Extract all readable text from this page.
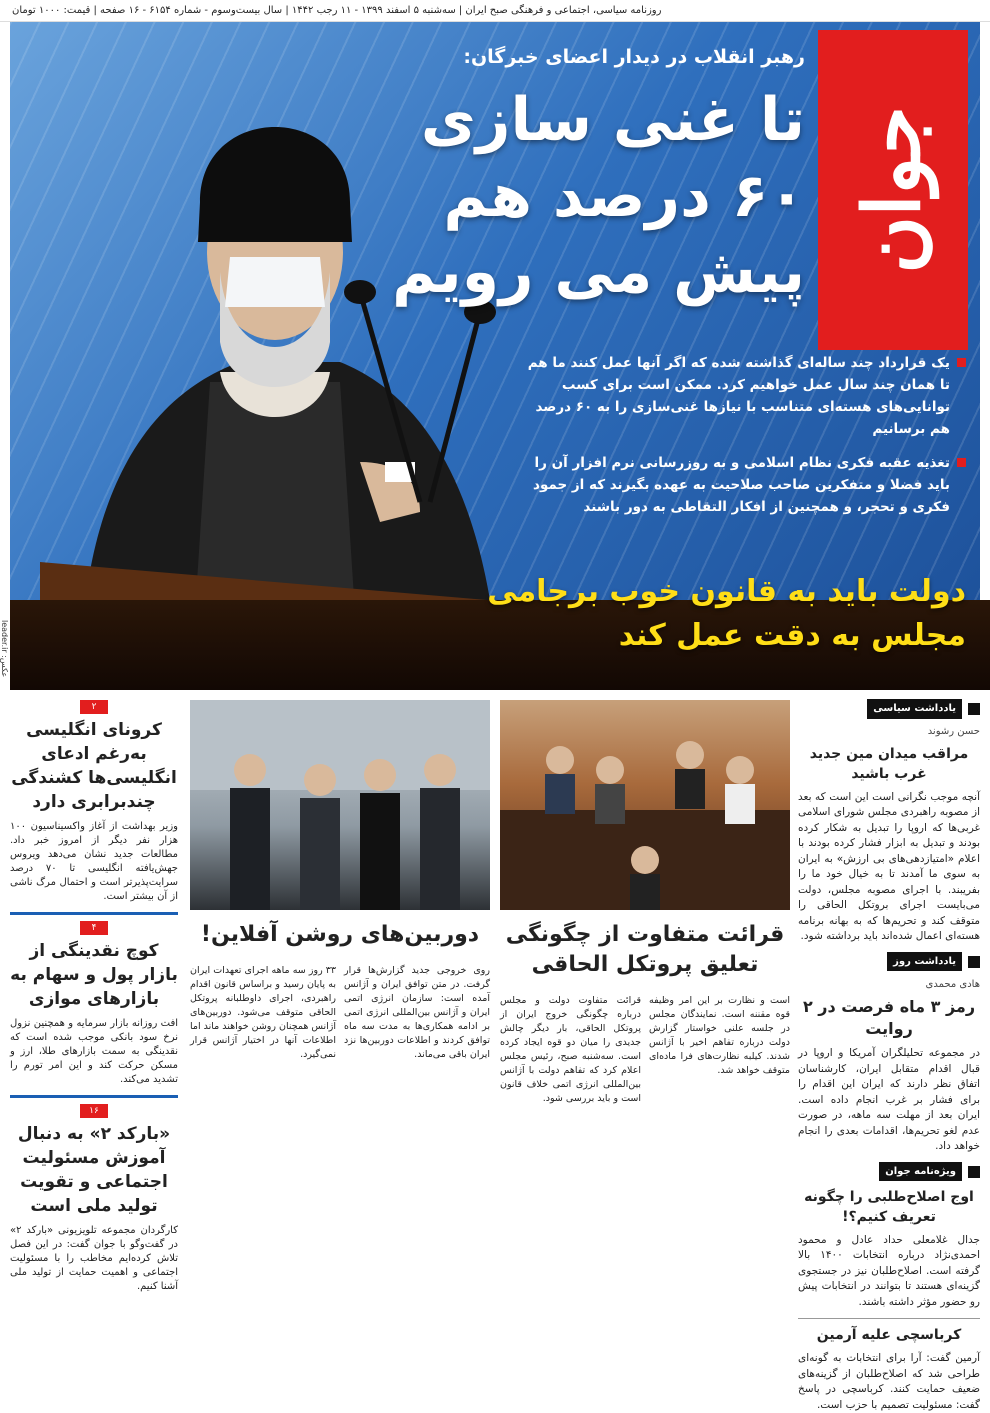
روزنامه سیاسی، اجتماعی و فرهنگی صبح ایران | سه‌شنبه ۵ اسفند ۱۳۹۹ - ۱۱ رجب ۱۴۴۲ | سال بیست‌وسوم - شماره ۶۱۵۴ - ۱۶ صفحه | قیمت: ۱۰۰۰ تومان
جوان
رهبر انقلاب در دیدار اعضای خبرگان:
تا غنی سازی ۶۰ درصد هم پیش می رویم
یک قرارداد چند ساله‌ای گذاشته شده که اگر آنها عمل کنند ما هم تا همان چند سال عمل خواهیم کرد. ممکن است برای کسب توانایی‌های هسته‌ای متناسب با نیازها غنی‌سازی را به ۶۰ درصد هم برسانیم
تغذیه عقبه فکری نظام اسلامی و به روزرسانی نرم افزار آن را باید فضلا و متفکرین صاحب صلاحیت به عهده بگیرند که از جمود فکری و تحجر، و همچنین از افکار التقاطی به دور باشند
دولت باید به قانون خوب برجامی مجلس به دقت عمل کند
عکس: leader.ir
یادداشت سیاسی
حسن رشوند
مراقب میدان مین جدید غرب باشید
آنچه موجب نگرانی است این است که بعد از مصوبه راهبردی مجلس شورای اسلامی غربی‌ها که اروپا را تبدیل به شکار کرده بودند و تبدیل به ابزار فشار کرده بودند با اعلام «امتیازدهی‌های بی ارزش» به ایران به سوی ما آمدند تا به خیال خود ما را بفریبند. با اجرای مصوبه مجلس، دولت می‌بایست اجرای بروتکل الحاقی را متوقف کند و تحریم‌ها که به بهانه برنامه هسته‌ای اعمال شده‌اند باید برداشته شود.
یادداشت روز
هادی محمدی
رمز ۳ ماه فرصت در ۲ روایت
در مجموعه تحلیلگران آمریکا و اروپا در قبال اقدام متقابل ایران، کارشناسان اتفاق نظر دارند که ایران این اقدام را برای فشار بر غرب انجام داده است. ایران بعد از مهلت سه ماهه، در صورت عدم لغو تحریم‌ها، اقدامات بعدی را انجام خواهد داد.
ویژه‌نامه جوان
اوج اصلاح‌طلبی را چگونه تعریف کنیم؟!
جدال غلامعلی حداد عادل و محمود احمدی‌نژاد درباره انتخابات ۱۴۰۰ بالا گرفته است. اصلاح‌طلبان نیز در جستجوی گزینه‌ای هستند تا بتوانند در انتخابات پیش رو حضور مؤثر داشته باشند.
کرباسچی علیه آرمین
آرمین گفت: آرا برای انتخابات به گونه‌ای طراحی شد که اصلاح‌طلبان از گزینه‌های ضعیف حمایت کنند. کرباسچی در پاسخ گفت: مسئولیت تصمیم با حزب است.
قرائت متفاوت از چگونگی تعلیق پروتکل الحاقی
است و نظارت بر این امر وظیفه قوه مقننه است. نمایندگان مجلس در جلسه علنی خواستار گزارش دولت درباره تفاهم اخیر با آژانس شدند. کیلبه نظارت‌های فرا ماده‌ای متوقف خواهد شد.
قرائت متفاوت دولت و مجلس درباره چگونگی خروج ایران از پروتکل الحاقی، بار دیگر چالش جدیدی را میان دو قوه ایجاد کرده است. سه‌شنبه صبح، رئیس مجلس اعلام کرد که تفاهم دولت با آژانس بین‌المللی انرژی اتمی خلاف قانون است و باید بررسی شود.
دوربین‌های روشن آفلاین!
روی خروجی جدید گزارش‌ها قرار گرفت. در متن توافق ایران و آژانس آمده است: سازمان انرژی اتمی ایران و آژانس بین‌المللی انرژی اتمی بر ادامه همکاری‌ها به مدت سه ماه توافق کردند و اطلاعات دوربین‌ها نزد ایران باقی می‌ماند.
۳۳ روز سه ماهه اجرای تعهدات ایران به پایان رسید و براساس قانون اقدام راهبردی، اجرای داوطلبانه پروتکل الحاقی متوقف می‌شود. دوربین‌های آژانس همچنان روشن خواهند ماند اما اطلاعات آنها در اختیار آژانس قرار نمی‌گیرد.
۲
کرونای انگلیسی به‌رغم ادعای انگلیسی‌ها کشندگی چندبرابری دارد
وزیر بهداشت از آغاز واکسیناسیون ۱۰۰ هزار نفر دیگر از امروز خبر داد. مطالعات جدید نشان می‌دهد ویروس جهش‌یافته انگلیسی تا ۷۰ درصد سرایت‌پذیرتر است و احتمال مرگ ناشی از آن بیشتر است.
۴
کوچ نقدینگی از بازار پول و سهام به بازارهای موازی
افت روزانه بازار سرمایه و همچنین نزول نرخ سود بانکی موجب شده است که نقدینگی به سمت بازارهای طلا، ارز و مسکن حرکت کند و این امر تورم را تشدید می‌کند.
۱۶
«بارکد ۲» به دنبال آموزش مسئولیت اجتماعی و تقویت تولید ملی است
کارگردان مجموعه تلویزیونی «بارکد ۲» در گفت‌وگو با جوان گفت: در این فصل تلاش کرده‌ایم مخاطب را با مسئولیت اجتماعی و اهمیت حمایت از تولید ملی آشنا کنیم.
